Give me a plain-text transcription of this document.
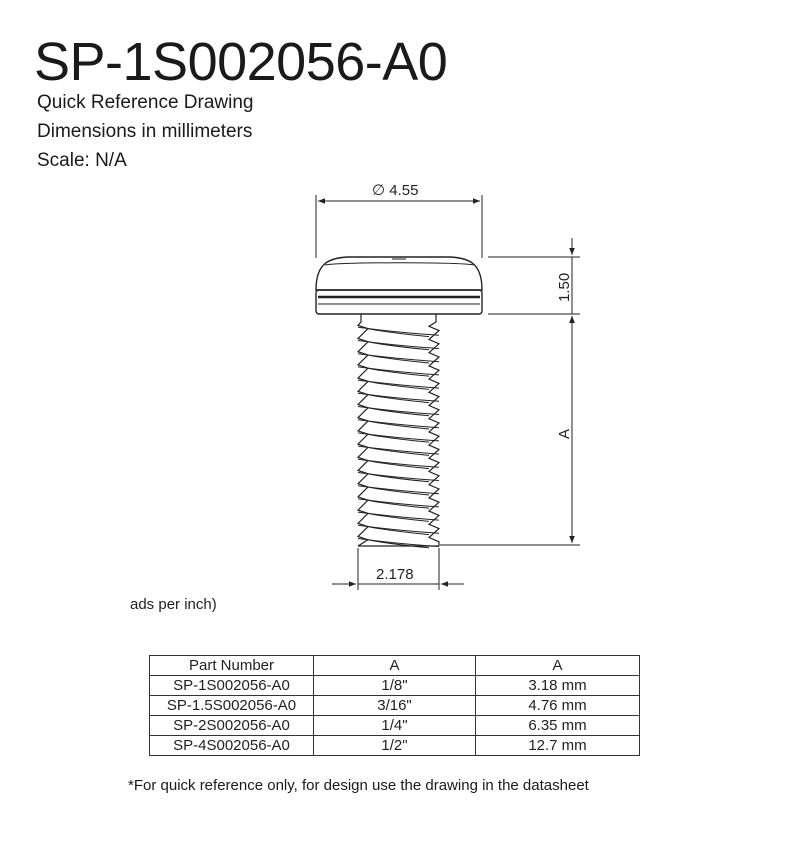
SP-1S002056-A0
Quick Reference Drawing
Dimensions in millimeters
Scale: N/A
∅ 4.55
1.50
A
2.178
ads per inch)
Part Number	A	A
SP-1S002056-A0	1/8"	3.18 mm
SP-1.5S002056-A0	3/16"	4.76 mm
SP-2S002056-A0	1/4"	6.35 mm
SP-4S002056-A0	1/2"	12.7 mm
*For quick reference only, for design use the drawing in the datasheet
